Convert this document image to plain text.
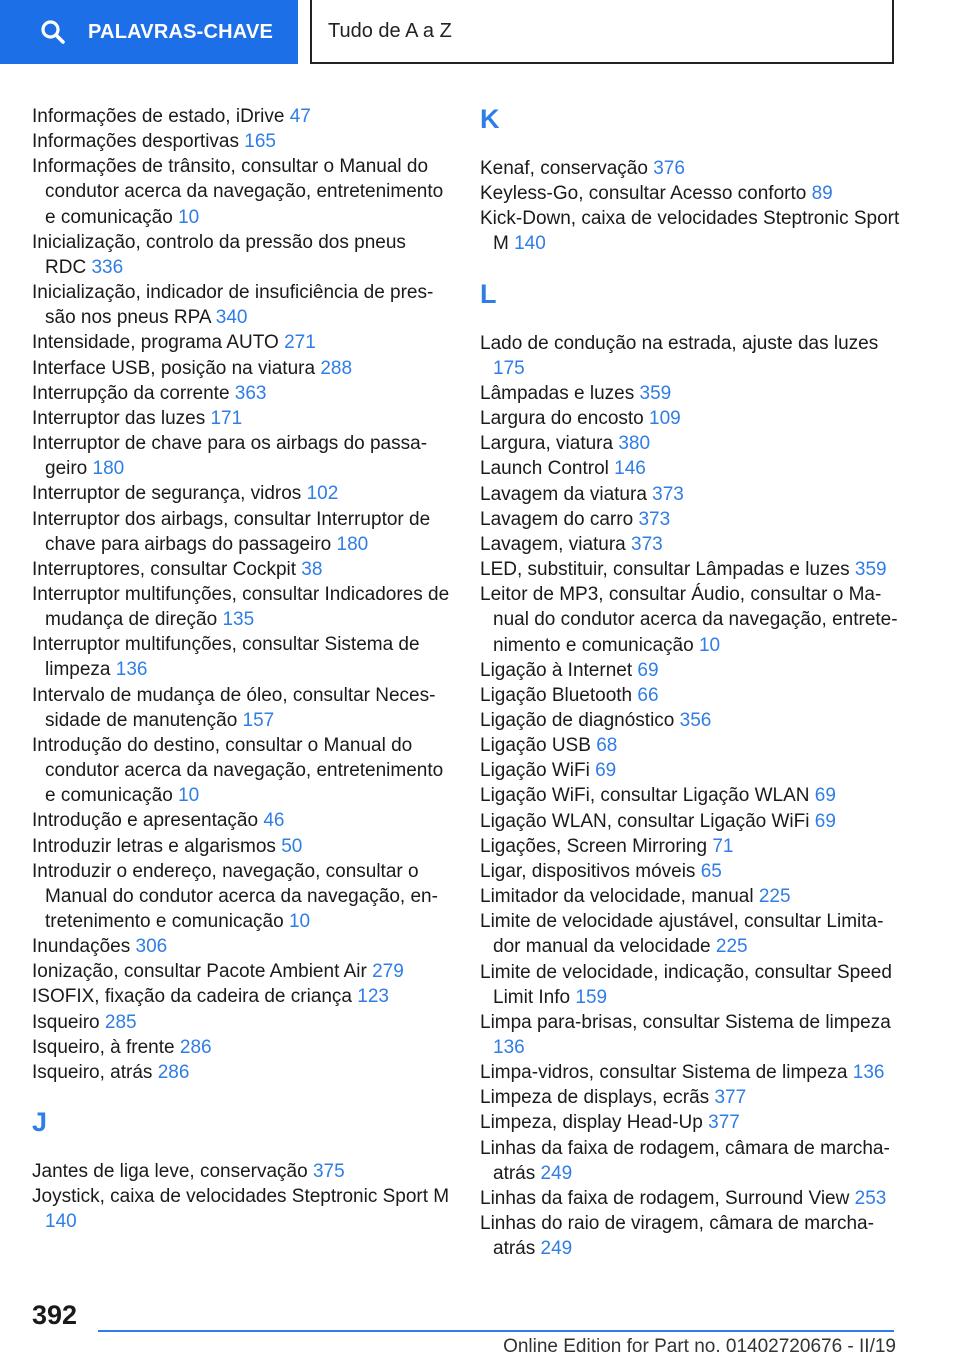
PALAVRAS-CHAVE	Tudo de A a Z
Informações de estado, iDrive 47
Informações desportivas 165
Informações de trânsito, consultar o Manual do condutor acerca da navegação, entretenimento e comunicação 10
Inicialização, controlo da pressão dos pneus RDC 336
Inicialização, indicador de insuficiência de pressão nos pneus RPA 340
Intensidade, programa AUTO 271
Interface USB, posição na viatura 288
Interrupção da corrente 363
Interruptor das luzes 171
Interruptor de chave para os airbags do passageiro 180
Interruptor de segurança, vidros 102
Interruptor dos airbags, consultar Interruptor de chave para airbags do passageiro 180
Interruptores, consultar Cockpit 38
Interruptor multifunções, consultar Indicadores de mudança de direção 135
Interruptor multifunções, consultar Sistema de limpeza 136
Intervalo de mudança de óleo, consultar Necessidade de manutenção 157
Introdução do destino, consultar o Manual do condutor acerca da navegação, entretenimento e comunicação 10
Introdução e apresentação 46
Introduzir letras e algarismos 50
Introduzir o endereço, navegação, consultar o Manual do condutor acerca da navegação, entretenimento e comunicação 10
Inundações 306
Ionização, consultar Pacote Ambient Air 279
ISOFIX, fixação da cadeira de criança 123
Isqueiro 285
Isqueiro, à frente 286
Isqueiro, atrás 286
J
Jantes de liga leve, conservação 375
Joystick, caixa de velocidades Steptronic Sport M 140
K
Kenaf, conservação 376
Keyless-Go, consultar Acesso conforto 89
Kick-Down, caixa de velocidades Steptronic Sport M 140
L
Lado de condução na estrada, ajuste das luzes 175
Lâmpadas e luzes 359
Largura do encosto 109
Largura, viatura 380
Launch Control 146
Lavagem da viatura 373
Lavagem do carro 373
Lavagem, viatura 373
LED, substituir, consultar Lâmpadas e luzes 359
Leitor de MP3, consultar Áudio, consultar o Manual do condutor acerca da navegação, entretenimento e comunicação 10
Ligação à Internet 69
Ligação Bluetooth 66
Ligação de diagnóstico 356
Ligação USB 68
Ligação WiFi 69
Ligação WiFi, consultar Ligação WLAN 69
Ligação WLAN, consultar Ligação WiFi 69
Ligações, Screen Mirroring 71
Ligar, dispositivos móveis 65
Limitador da velocidade, manual 225
Limite de velocidade ajustável, consultar Limitador manual da velocidade 225
Limite de velocidade, indicação, consultar Speed Limit Info 159
Limpa para-brisas, consultar Sistema de limpeza 136
Limpa-vidros, consultar Sistema de limpeza 136
Limpeza de displays, ecrãs 377
Limpeza, display Head-Up 377
Linhas da faixa de rodagem, câmara de marcha-atrás 249
Linhas da faixa de rodagem, Surround View 253
Linhas do raio de viragem, câmara de marcha-atrás 249
392
Online Edition for Part no. 01402720676 - II/19
